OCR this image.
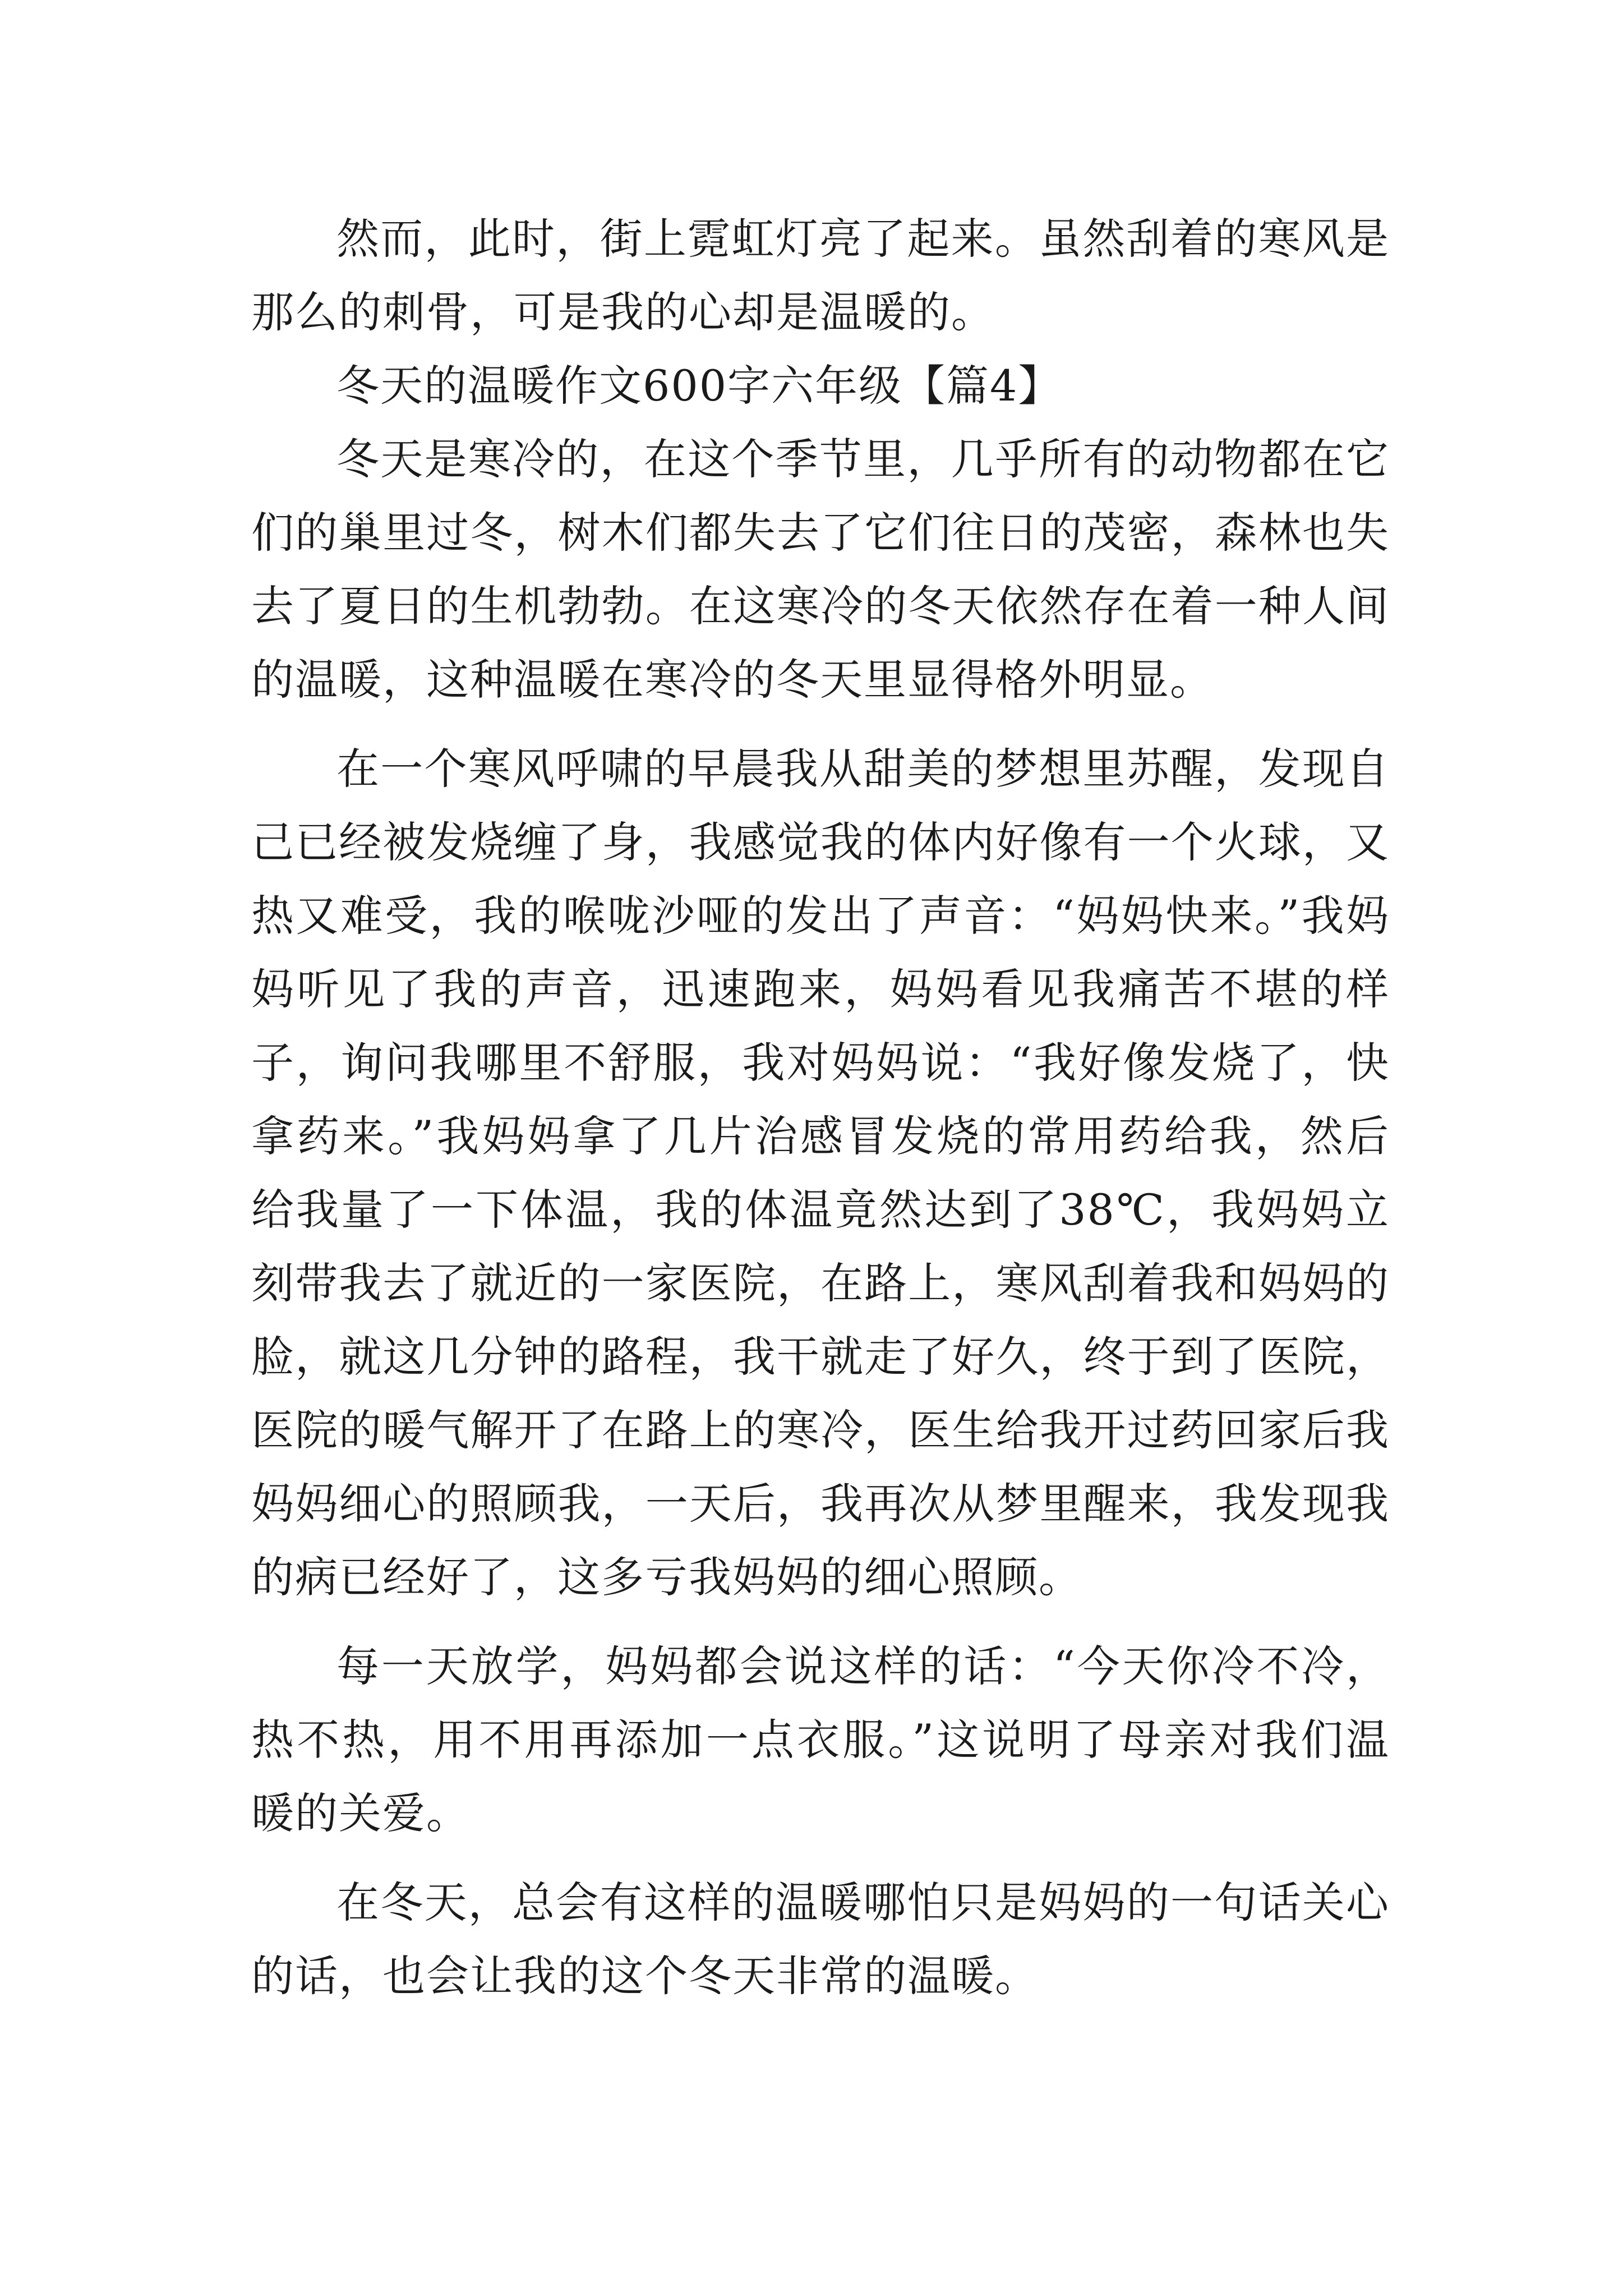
然而，此时，街上霓虹灯亮了起来。虽然刮着的寒风是那么的刺骨，可是我的心却是温暖的。

冬天的温暖作文600字六年级【篇4】

冬天是寒冷的，在这个季节里，几乎所有的动物都在它们的巢里过冬，树木们都失去了它们往日的茂密，森林也失去了夏日的生机勃勃。在这寒冷的冬天依然存在着一种人间的温暖，这种温暖在寒冷的冬天里显得格外明显。

在一个寒风呼啸的早晨我从甜美的梦想里苏醒，发现自己已经被发烧缠了身，我感觉我的体内好像有一个火球，又热又难受，我的喉咙沙哑的发出了声音：“妈妈快来。”我妈妈听见了我的声音，迅速跑来，妈妈看见我痛苦不堪的样子，询问我哪里不舒服，我对妈妈说：“我好像发烧了，快拿药来。”我妈妈拿了几片治感冒发烧的常用药给我，然后给我量了一下体温，我的体温竟然达到了38℃，我妈妈立刻带我去了就近的一家医院，在路上，寒风刮着我和妈妈的脸，就这几分钟的路程，我干就走了好久，终于到了医院，医院的暖气解开了在路上的寒冷，医生给我开过药回家后我妈妈细心的照顾我，一天后，我再次从梦里醒来，我发现我的病已经好了，这多亏我妈妈的细心照顾。

每一天放学，妈妈都会说这样的话：“今天你冷不冷，热不热，用不用再添加一点衣服。”这说明了母亲对我们温暖的关爱。

在冬天，总会有这样的温暖哪怕只是妈妈的一句话关心的话，也会让我的这个冬天非常的温暖。
